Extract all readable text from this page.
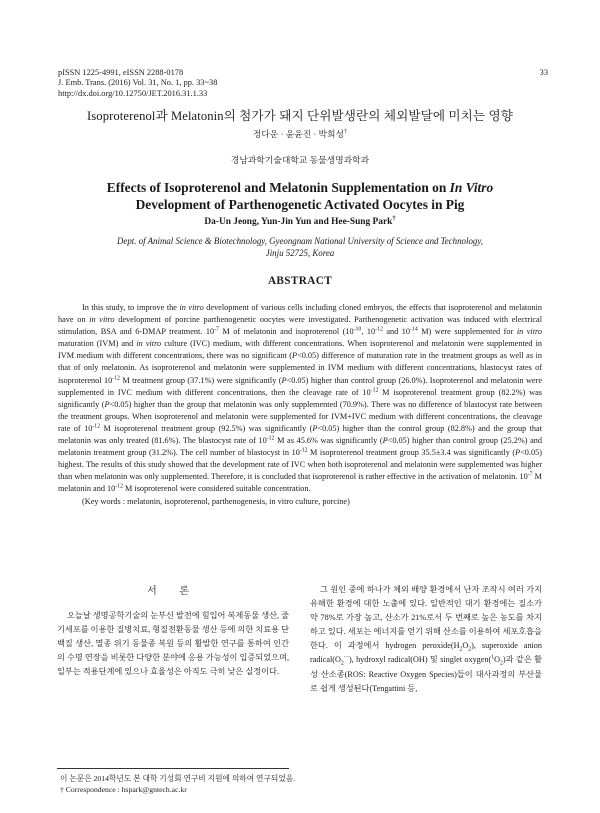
pISSN 1225-4991, eISSN 2288-0178
J. Emb. Trans. (2016) Vol. 31, No. 1, pp. 33~38
http://dx.doi.org/10.12750/JET.2016.31.1.33
33
Isoproterenol과 Melatonin의 첨가가 돼지 단위발생란의 체외발달에 미치는 영향
정다운 · 윤윤진 · 박희성†
경남과학기술대학교 동물생명과학과
Effects of Isoproterenol and Melatonin Supplementation on In Vitro
Development of Parthenogenetic Activated Oocytes in Pig
Da-Un Jeong, Yun-Jin Yun and Hee-Sung Park†
Dept. of Animal Science & Biotechnology, Gyeongnam National University of Science and Technology,
Jinju 52725, Korea
ABSTRACT

In this study, to improve the in vitro development of various cells including cloned embryos, the effects that isoproterenol and melatonin have on in vitro development of porcine parthenogenetic oocytes were investigated. Parthenogenetic activation was induced with electrical stimulation, BSA and 6-DMAP treatment. $10^{-7}$ M of melatonin and isoproterenol ($10^{-10}$, $10^{-12}$ and $10^{-14}$ M) were supplemented for in vitro maturation (IVM) and in vitro culture (IVC) medium, with different concentrations. When isoproterenol and melatonin were supplemented in IVM medium with different concentrations, there was no significant (P<0.05) difference of maturation rate in the treatment groups as well as in that of only melatonin. As isoproterenol and melatonin were supplemented in IVM medium with different concentrations, blastocyst rates of isoproterenol $10^{-12}$ M treatment group (37.1%) were significantly (P<0.05) higher than control group (26.0%). Isoproterenol and melatonin were supplemented in IVC medium with different concentrations, then the cleavage rate of $10^{-12}$ M isoproterenol treatment group (82.2%) was significantly (P<0.05) higher than the group that melatonin was only supplemented (70.9%). There was no difference of blastocyst rate between the treatment groups. When isoproterenol and melatonin were supplemented for IVM+IVC medium with different concentrations, the cleavage rate of $10^{-12}$ M isoproterenol treatment group (92.5%) was significantly (P<0.05) higher than the control group (82.8%) and the group that melatonin was only treated (81.6%). The blastocyst rate of $10^{-12}$ M as 45.6% was significantly (P<0.05) higher than control group (25.2%) and melatonin treatment group (31.2%). The cell number of blastocyst in $10^{-12}$ M isoproterenol treatment group 35.5±3.4 was significantly (P<0.05) highest. The results of this study showed that the development rate of IVC when both isoproterenol and melatonin were supplemented was higher than when melatonin was only supplemented. Therefore, it is concluded that isoproterenol is rather effective in the activation of melatonin. $10^{-7}$ M melatonin and $10^{-12}$ M isoproterenol were considered suitable concentration.

(Key words : melatonin, isoproterenol, parthenogenesis, in vitro culture, porcine)

서 론

오늘날 생명공학기술의 눈부신 발전에 힘입어 복제동물 생산, 줄기세포를 이용한 질병치료, 형질전환동물 생산 등에 의한 치료용 단백질 생산, 멸종 위기 동물종 복원 등의 활발한 연구를 통하여 인간의 수명 연장을 비롯한 다양한 분야에 응용 가능성이 입증되었으며, 일부는 적용단계에 있으나 효율성은 아직도 극히 낮은 실정이다.

그 원인 중에 하나가 체외 배양 환경에서 난자 조작시 여러 가지 유해한 환경에 대한 노출에 있다. 일반적인 대기 환경에는 질소가 약 78%로 가장 높고, 산소가 21%로서 두 번째로 높은 농도를 차지하고 있다. 세포는 에너지를 얻기 위해 산소를 이용하여 세포호흡을 한다. 이 과정에서 hydrogen $peroxide(H_2O_2)$, superoxide anion $radical(O_2^{\cdot-})$, hydroxyl radical(OH) 및 singlet $oxygen(^1O_2)$과 같은 활성 산소종(ROS: Reactive Oxygen Species)들이 대사과정의 부산물로 쉽게 생성된다(Tengattini 등,

이 논문은 2014학년도 본 대학 기성회 연구비 지원에 의하여 연구되었음.
† Correspondence : hspark@gntech.ac.kr
